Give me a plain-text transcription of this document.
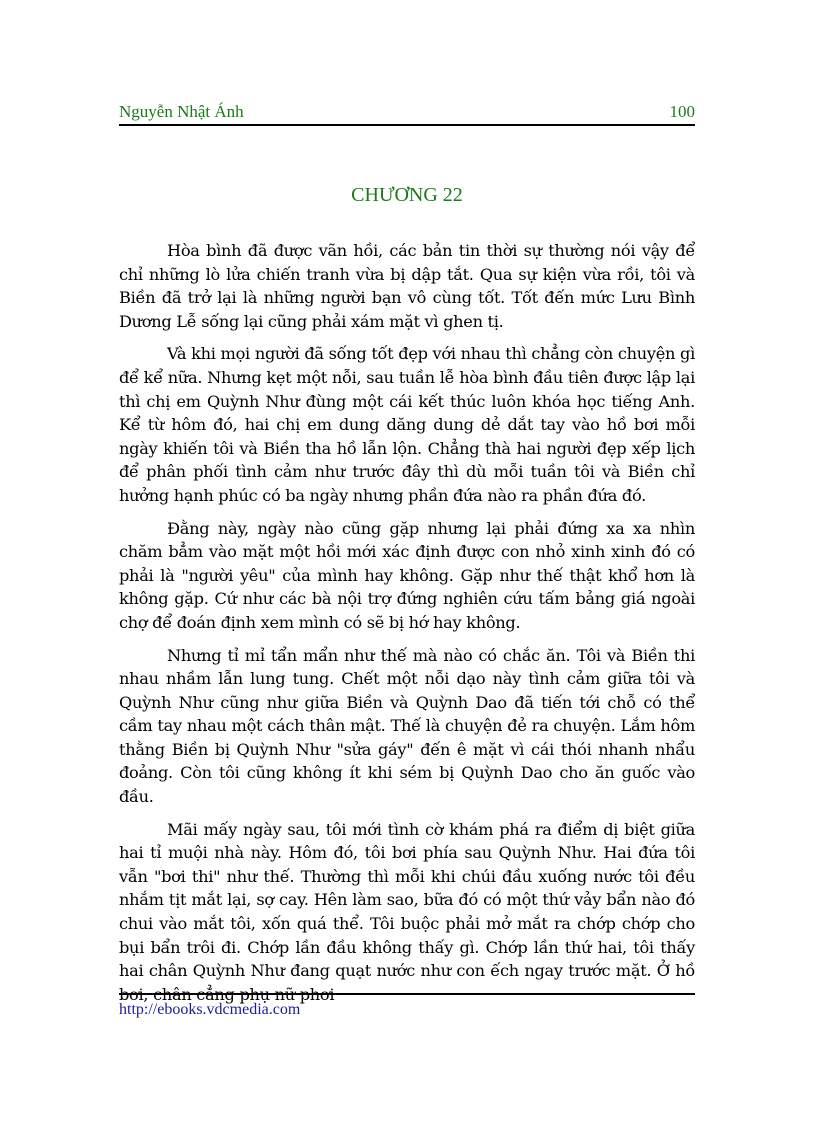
Nguyễn Nhật Ánh	100
CHƯƠNG 22

Hòa bình đã được vãn hồi, các bản tin thời sự thường nói vậy để chỉ những lò lửa chiến tranh vừa bị dập tắt. Qua sự kiện vừa rồi, tôi và Biền đã trở lại là những người bạn vô cùng tốt. Tốt đến mức Lưu Bình Dương Lễ sống lại cũng phải xám mặt vì ghen tị.

Và khi mọi người đã sống tốt đẹp với nhau thì chẳng còn chuyện gì để kể nữa. Nhưng kẹt một nỗi, sau tuần lễ hòa bình đầu tiên được lập lại thì chị em Quỳnh Như đùng một cái kết thúc luôn khóa học tiếng Anh. Kể từ hôm đó, hai chị em dung dăng dung dẻ dắt tay vào hồ bơi mỗi ngày khiến tôi và Biền tha hồ lẫn lộn. Chẳng thà hai người đẹp xếp lịch để phân phối tình cảm như trước đây thì dù mỗi tuần tôi và Biền chỉ hưởng hạnh phúc có ba ngày nhưng phần đứa nào ra phần đứa đó.

Đằng này, ngày nào cũng gặp nhưng lại phải đứng xa xa nhìn chăm bẳm vào mặt một hồi mới xác định được con nhỏ xinh xinh đó có phải là "người yêu" của mình hay không. Gặp như thế thật khổ hơn là không gặp. Cứ như các bà nội trợ đứng nghiên cứu tấm bảng giá ngoài chợ để đoán định xem mình có sẽ bị hớ hay không.

Nhưng tỉ mỉ tẩn mẩn như thế mà nào có chắc ăn. Tôi và Biền thi nhau nhầm lẫn lung tung. Chết một nỗi dạo này tình cảm giữa tôi và Quỳnh Như cũng như giữa Biền và Quỳnh Dao đã tiến tới chỗ có thể cầm tay nhau một cách thân mật. Thế là chuyện đẻ ra chuyện. Lắm hôm thằng Biền bị Quỳnh Như "sửa gáy" đến ê mặt vì cái thói nhanh nhẩu đoảng. Còn tôi cũng không ít khi sém bị Quỳnh Dao cho ăn guốc vào đầu.

Mãi mấy ngày sau, tôi mới tình cờ khám phá ra điểm dị biệt giữa hai tỉ muội nhà này. Hôm đó, tôi bơi phía sau Quỳnh Như. Hai đứa tôi vẫn "bơi thi" như thế. Thường thì mỗi khi chúi đầu xuống nước tôi đều nhắm tịt mắt lại, sợ cay. Hên làm sao, bữa đó có một thứ vảy bẩn nào đó chui vào mắt tôi, xốn quá thể. Tôi buộc phải mở mắt ra chớp chớp cho bụi bẩn trôi đi. Chớp lần đầu không thấy gì. Chớp lần thứ hai, tôi thấy hai chân Quỳnh Như đang quạt nước như con ếch ngay trước mặt. Ở hồ bơi, chân cẳng phụ nữ phơi

http://ebooks.vdcmedia.com
